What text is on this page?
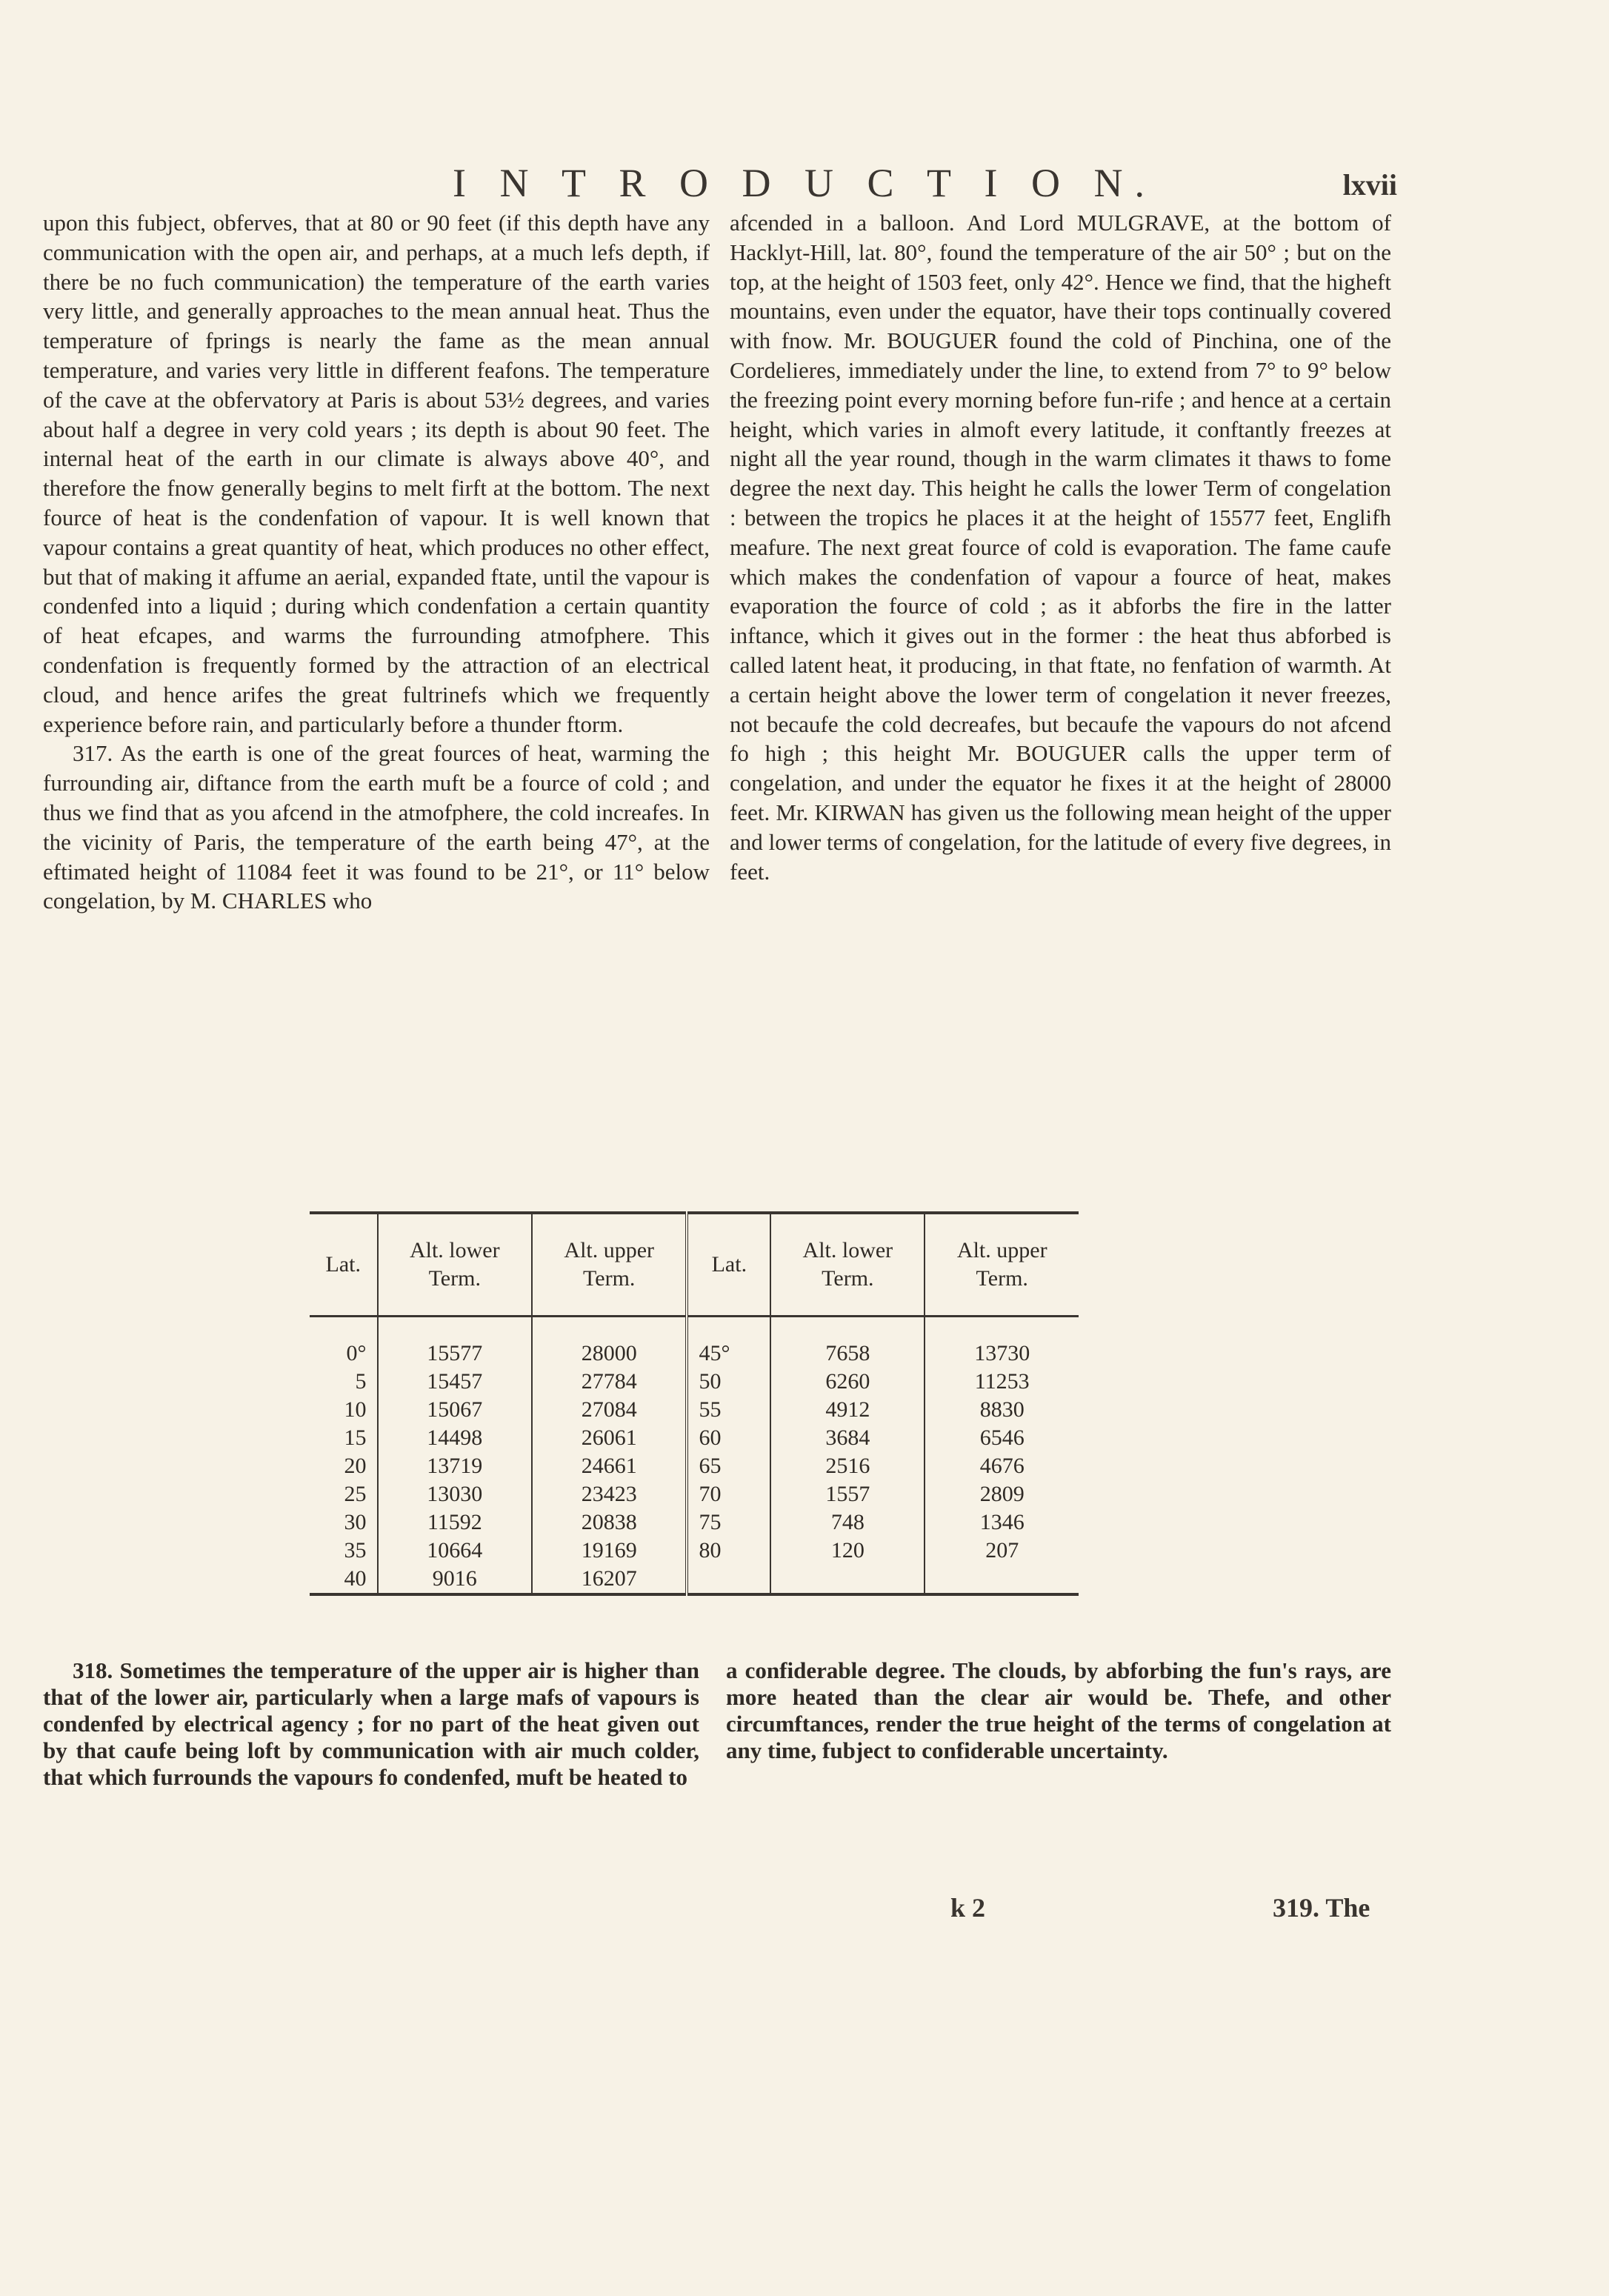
I N T R O D U C T I O N.	lxvii

upon this fubject, obferves, that at 80 or 90 feet (if this depth have any communication with the open air, and perhaps, at a much lefs depth, if there be no fuch communication) the temperature of the earth varies very little, and generally approaches to the mean annual heat. Thus the temperature of fprings is nearly the fame as the mean annual temperature, and varies very little in different feafons. The temperature of the cave at the obfervatory at Paris is about 53½ degrees, and varies about half a degree in very cold years ; its depth is about 90 feet. The internal heat of the earth in our climate is always above 40°, and therefore the fnow generally begins to melt firft at the bottom. The next fource of heat is the condenfation of vapour. It is well known that vapour contains a great quantity of heat, which produces no other effect, but that of making it affume an aerial, expanded ftate, until the vapour is condenfed into a liquid ; during which condenfation a certain quantity of heat efcapes, and warms the furrounding atmofphere. This condenfation is frequently formed by the attraction of an electrical cloud, and hence arifes the great fultrinefs which we frequently experience before rain, and particularly before a thunder ftorm.

317. As the earth is one of the great fources of heat, warming the furrounding air, diftance from the earth muft be a fource of cold ; and thus we find that as you afcend in the atmofphere, the cold increafes. In the vicinity of Paris, the temperature of the earth being 47°, at the eftimated height of 11084 feet it was found to be 21°, or 11° below congelation, by M. CHARLES who

afcended in a balloon. And Lord MULGRAVE, at the bottom of Hacklyt-Hill, lat. 80°, found the temperature of the air 50° ; but on the top, at the height of 1503 feet, only 42°. Hence we find, that the higheft mountains, even under the equator, have their tops continually covered with fnow. Mr. BOUGUER found the cold of Pinchina, one of the Cordelieres, immediately under the line, to extend from 7° to 9° below the freezing point every morning before fun-rife ; and hence at a certain height, which varies in almoft every latitude, it conftantly freezes at night all the year round, though in the warm climates it thaws to fome degree the next day. This height he calls the lower Term of congelation : between the tropics he places it at the height of 15577 feet, Englifh meafure. The next great fource of cold is evaporation. The fame caufe which makes the condenfation of vapour a fource of heat, makes evaporation the fource of cold ; as it abforbs the fire in the latter inftance, which it gives out in the former : the heat thus abforbed is called latent heat, it producing, in that ftate, no fenfation of warmth. At a certain height above the lower term of congelation it never freezes, not becaufe the cold decreafes, but becaufe the vapours do not afcend fo high ; this height Mr. BOUGUER calls the upper term of congelation, and under the equator he fixes it at the height of 28000 feet. Mr. KIRWAN has given us the following mean height of the upper and lower terms of congelation, for the latitude of every five degrees, in feet.

Lat.	Alt. lower Term.	Alt. upper Term.	Lat.	Alt. lower Term.	Alt. upper Term.
0°	15577	28000	45°	7658	13730
5	15457	27784	50	6260	11253
10	15067	27084	55	4912	8830
15	14498	26061	60	3684	6546
20	13719	24661	65	2516	4676
25	13030	23423	70	1557	2809
30	11592	20838	75	748	1346
35	10664	19169	80	120	207
40	9016	16207			

318. Sometimes the temperature of the upper air is higher than that of the lower air, particularly when a large mafs of vapours is condenfed by electrical agency ; for no part of the heat given out by that caufe being loft by communication with air much colder, that which furrounds the vapours fo condenfed, muft be heated to

a confiderable degree. The clouds, by abforbing the fun's rays, are more heated than the clear air would be. Thefe, and other circumftances, render the true height of the terms of congelation at any time, fubject to confiderable uncertainty.

k 2	319. The
